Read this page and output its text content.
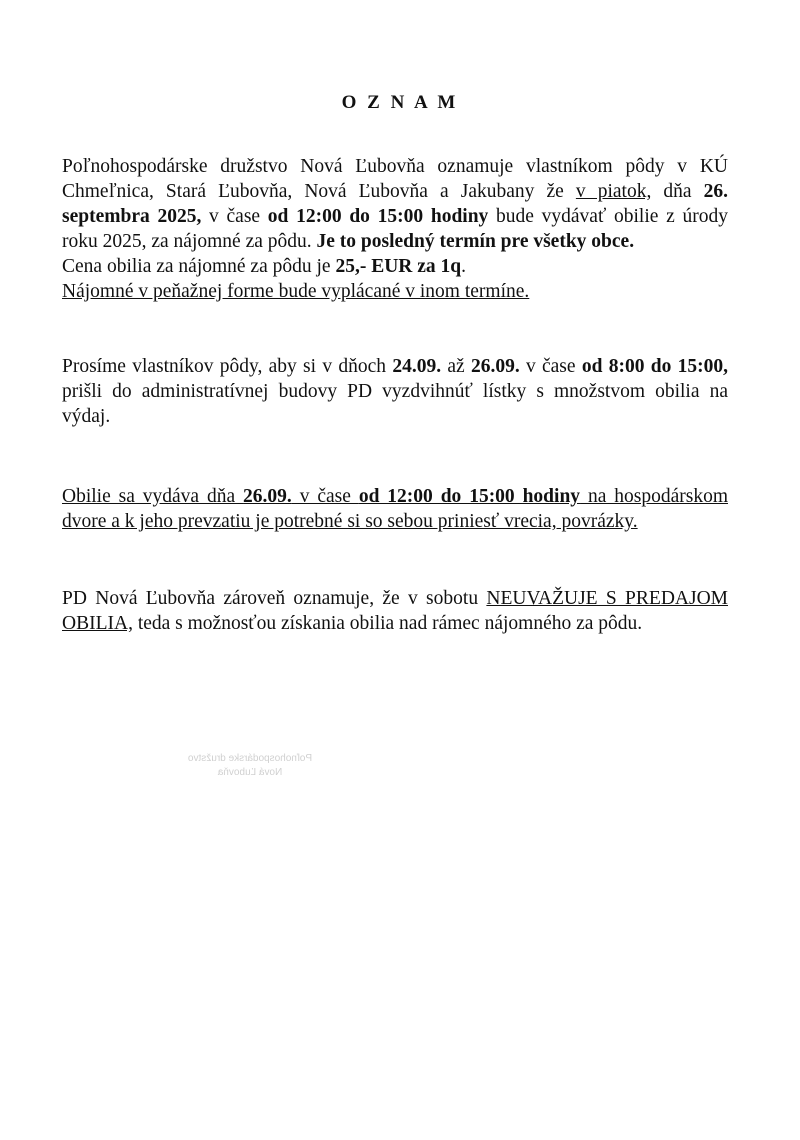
O Z N A M

Poľnohospodárske družstvo Nová Ľubovňa oznamuje vlastníkom pôdy v KÚ Chmeľnica, Stará Ľubovňa, Nová Ľubovňa a Jakubany že v piatok, dňa 26. septembra 2025, v čase od 12:00 do 15:00 hodiny bude vydávať obilie z úrody roku 2025, za nájomné za pôdu. Je to posledný termín pre všetky obce.

Cena obilia za nájomné za pôdu je 25,- EUR za 1q.

Nájomné v peňažnej forme bude vyplácané v inom termíne.

Prosíme vlastníkov pôdy, aby si v dňoch 24.09. až 26.09. v čase od 8:00 do 15:00, prišli do administratívnej budovy PD vyzdvihnúť lístky s množstvom obilia na výdaj.

Obilie sa vydáva dňa 26.09. v čase od 12:00 do 15:00 hodiny na hospodárskom dvore a k jeho prevzatiu je potrebné si so sebou priniesť vrecia, povrázky.

PD Nová Ľubovňa zároveň oznamuje, že v sobotu NEUVAŽUJE S PREDAJOM OBILIA, teda s možnosťou získania obilia nad rámec nájomného za pôdu.

Poľnohospodárske družstvo
Nová Ľubovňa
